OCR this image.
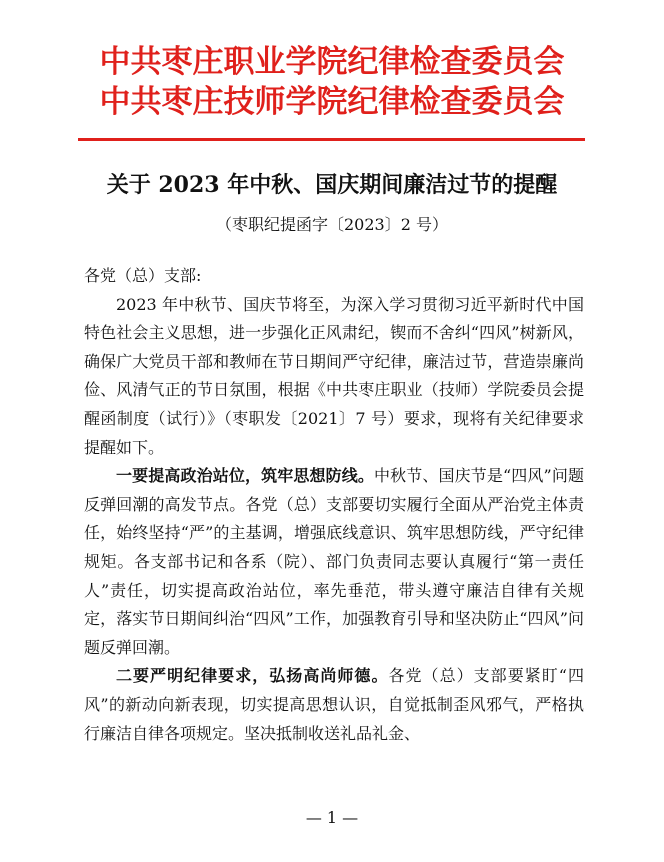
中共枣庄职业学院纪律检查委员会
中共枣庄技师学院纪律检查委员会
关于 2023 年中秋、国庆期间廉洁过节的提醒
（枣职纪提函字〔2023〕2 号）

各党（总）支部:

2023 年中秋节、国庆节将至，为深入学习贯彻习近平新时代中国特色社会主义思想，进一步强化正风肃纪，锲而不舍纠“四风”树新风，确保广大党员干部和教师在节日期间严守纪律，廉洁过节，营造崇廉尚俭、风清气正的节日氛围，根据《中共枣庄职业（技师）学院委员会提醒函制度（试行）》（枣职发〔2021〕7 号）要求，现将有关纪律要求提醒如下。

一要提高政治站位，筑牢思想防线。中秋节、国庆节是“四风”问题反弹回潮的高发节点。各党（总）支部要切实履行全面从严治党主体责任，始终坚持“严”的主基调，增强底线意识、筑牢思想防线，严守纪律规矩。各支部书记和各系（院）、部门负责同志要认真履行“第一责任人”责任，切实提高政治站位，率先垂范，带头遵守廉洁自律有关规定，落实节日期间纠治“四风”工作，加强教育引导和坚决防止“四风”问题反弹回潮。

二要严明纪律要求，弘扬高尚师德。各党（总）支部要紧盯“四风”的新动向新表现，切实提高思想认识，自觉抵制歪风邪气，严格执行廉洁自律各项规定。坚决抵制收送礼品礼金、

— 1 —
